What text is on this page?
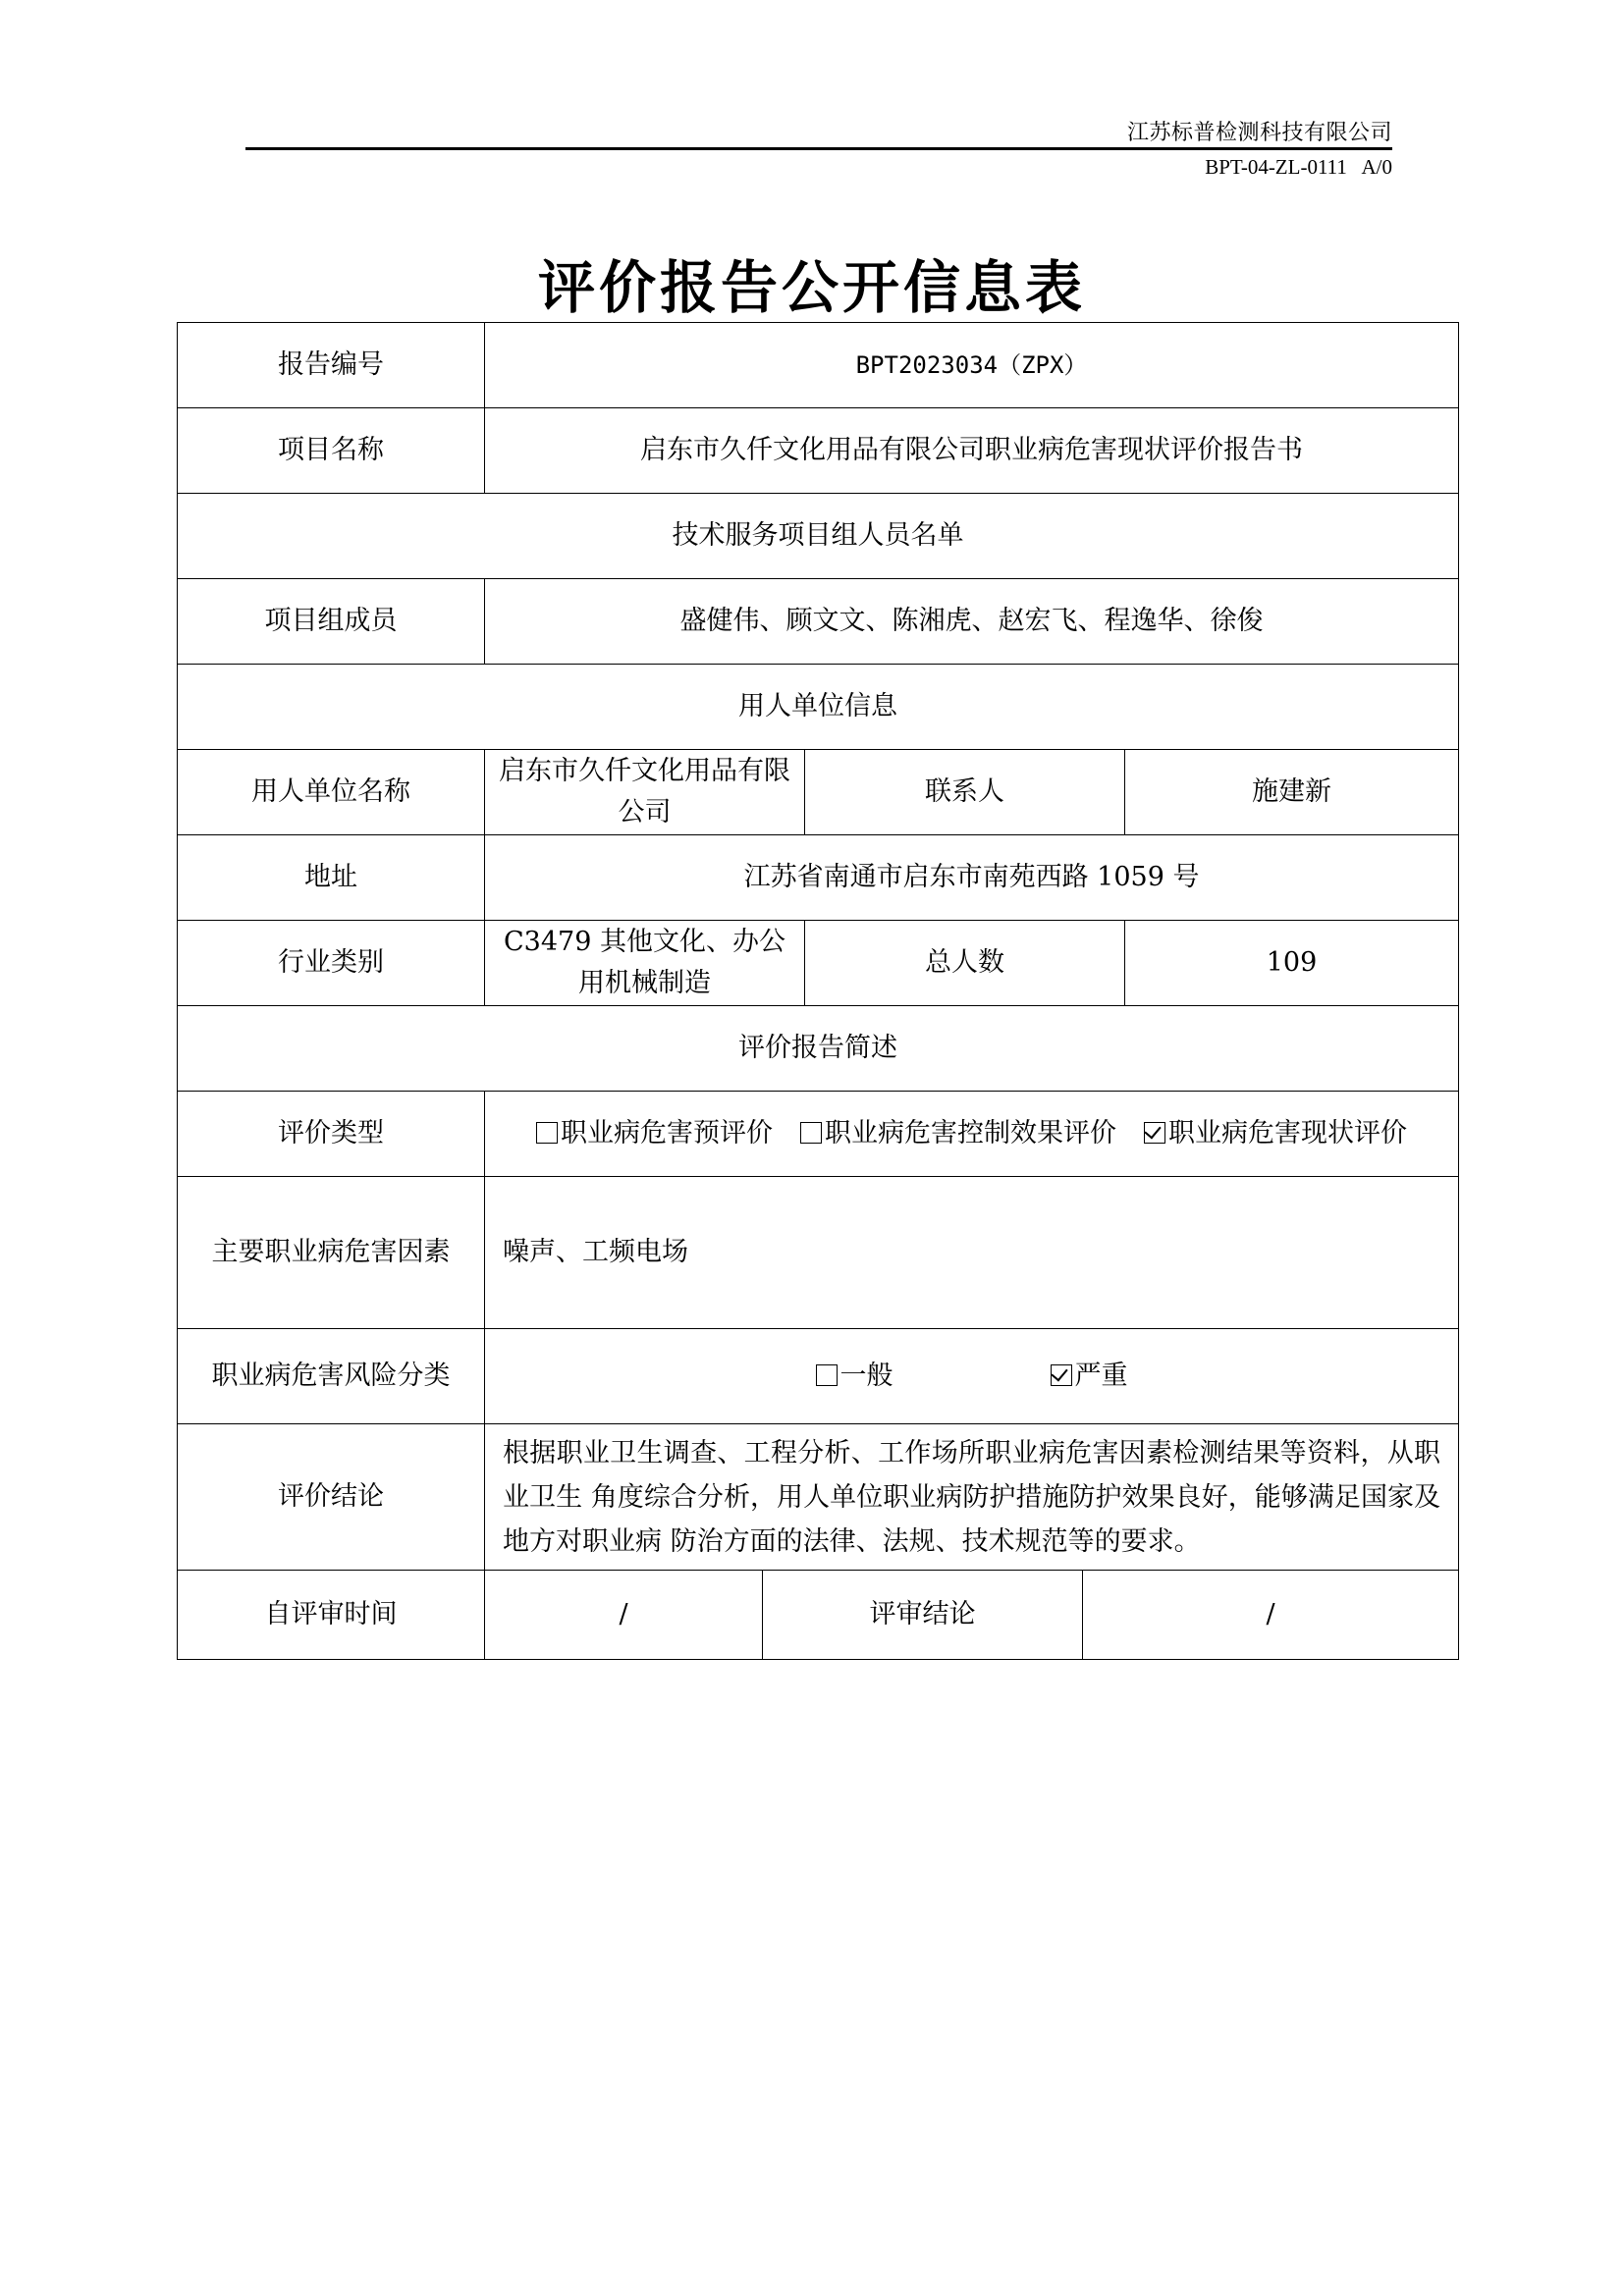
江苏标普检测科技有限公司
BPT-04-ZL-0111   A/0
评价报告公开信息表
报告编号	BPT2023034（ZPX）				
项目名称	启东市久仟文化用品有限公司职业病危害现状评价报告书				
技术服务项目组人员名单					
项目组成员	盛健伟、顾文文、陈湘虎、赵宏飞、程逸华、徐俊				
用人单位信息					
用人单位名称	启东市久仟文化用品有限公司		联系人		施建新
地址	江苏省南通市启东市南苑西路 1059 号				
行业类别	C3479 其他文化、办公用机械制造		总人数		109
评价报告简述					
评价类型	职业病危害预评价 职业病危害控制效果评价 职业病危害现状评价				
主要职业病危害因素	噪声、工频电场				
职业病危害风险分类	一般 严重				
评价结论	根据职业卫生调查、工程分析、工作场所职业病危害因素检测结果等资料，从职业卫生 角度综合分析，用人单位职业病防护措施防护效果良好，能够满足国家及地方对职业病 防治方面的法律、法规、技术规范等的要求。				
自评审时间	/	评审结论		/	
